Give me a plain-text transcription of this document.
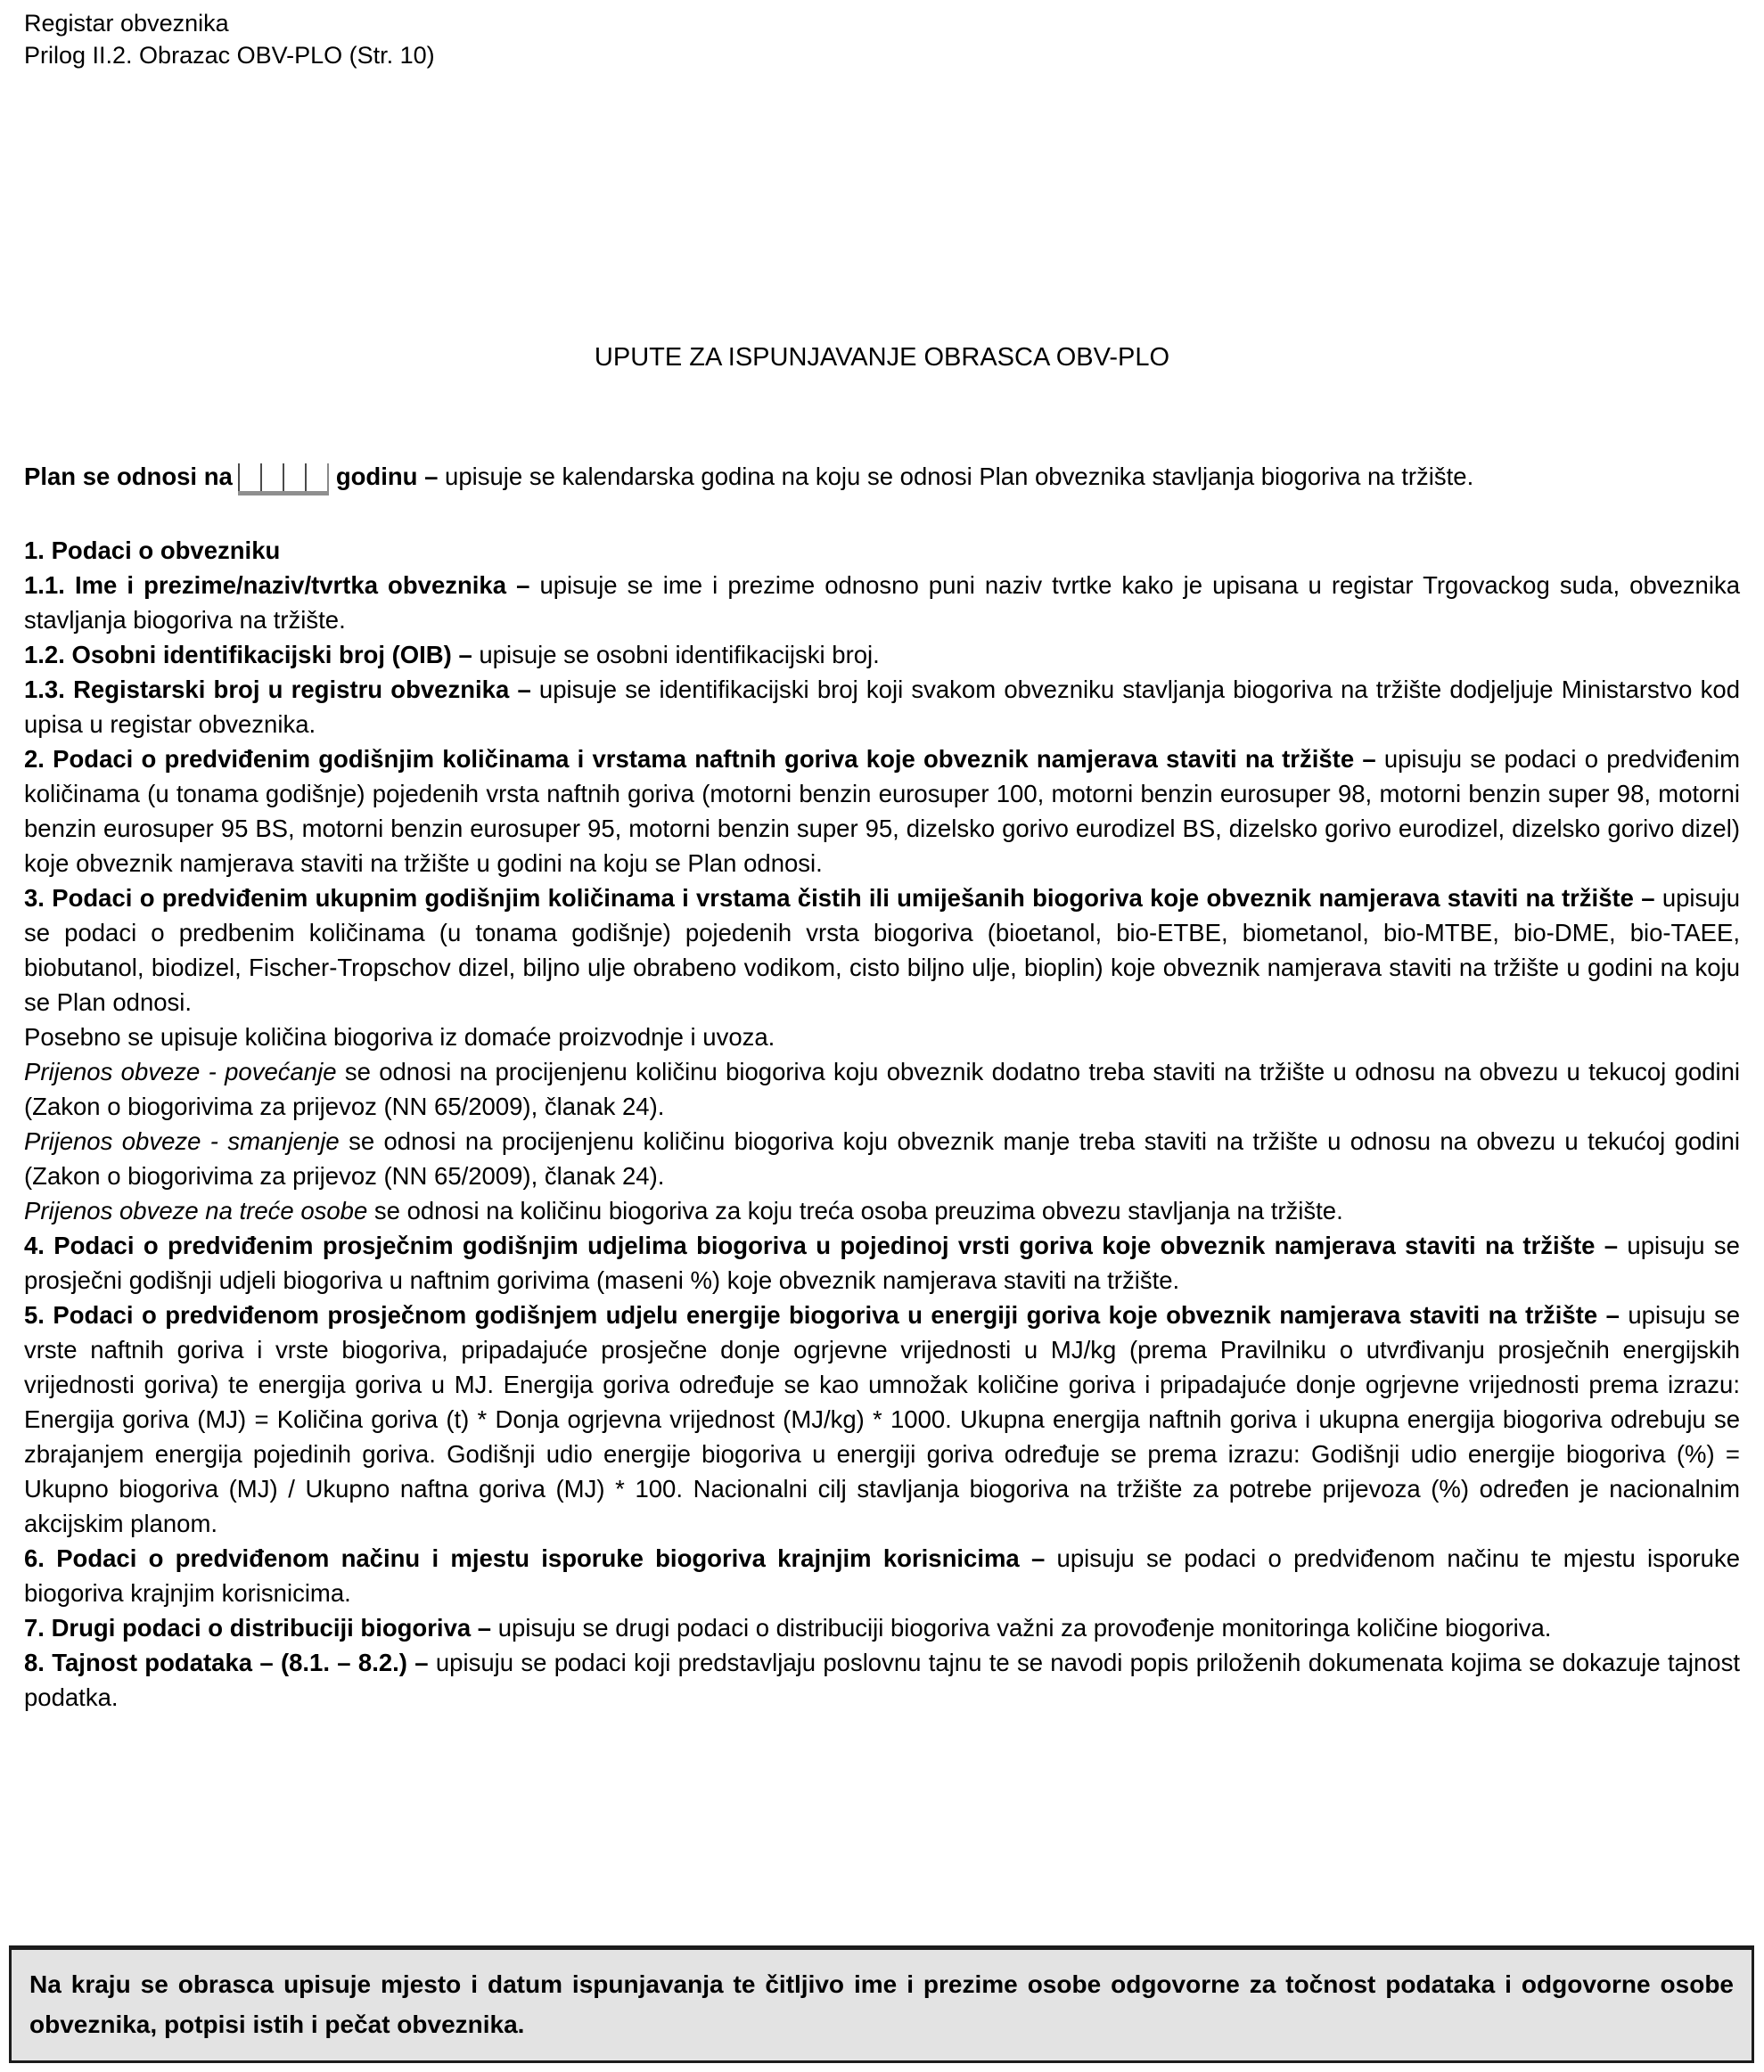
Registar obveznika
Prilog II.2. Obrazac OBV-PLO (Str. 10)
UPUTE ZA ISPUNJAVANJE OBRASCA OBV-PLO

Plan se odnosi na	godinu – upisuje se kalendarska godina na koju se odnosi Plan obveznika stavljanja biogoriva na tržište.

1. Podaci o obvezniku

1.1. Ime i prezime/naziv/tvrtka obveznika – upisuje se ime i prezime odnosno puni naziv tvrtke kako je upisana u registar Trgovackog suda, obveznika stavljanja biogoriva na tržište.

1.2. Osobni identifikacijski broj (OIB) – upisuje se osobni identifikacijski broj.

1.3. Registarski broj u registru obveznika – upisuje se identifikacijski broj koji svakom obvezniku stavljanja biogoriva na tržište dodjeljuje Ministarstvo kod upisa u registar obveznika.

2. Podaci o predviđenim godišnjim količinama i vrstama naftnih goriva koje obveznik namjerava staviti na tržište – upisuju se podaci o predviđenim količinama (u tonama godišnje) pojedenih vrsta naftnih goriva (motorni benzin eurosuper 100, motorni benzin eurosuper 98, motorni benzin super 98, motorni benzin eurosuper 95 BS, motorni benzin eurosuper 95, motorni benzin super 95, dizelsko gorivo eurodizel BS, dizelsko gorivo eurodizel, dizelsko gorivo dizel) koje obveznik namjerava staviti na tržište u godini na koju se Plan odnosi.

3. Podaci o predviđenim ukupnim godišnjim količinama i vrstama čistih ili umiješanih biogoriva koje obveznik namjerava staviti na tržište – upisuju se podaci o predbenim količinama (u tonama godišnje) pojedenih vrsta biogoriva (bioetanol, bio-ETBE, biometanol, bio-MTBE, bio-DME, bio-TAEE, biobutanol, biodizel, Fischer-Tropschov dizel, biljno ulje obrabeno vodikom, cisto biljno ulje, bioplin) koje obveznik namjerava staviti na tržište u godini na koju se Plan odnosi.

Posebno se upisuje količina biogoriva iz domaće proizvodnje i uvoza.

Prijenos obveze - povećanje se odnosi na procijenjenu količinu biogoriva koju obveznik dodatno treba staviti na tržište u odnosu na obvezu u tekucoj godini (Zakon o biogorivima za prijevoz (NN 65/2009), članak 24).

Prijenos obveze - smanjenje se odnosi na procijenjenu količinu biogoriva koju obveznik manje treba staviti na tržište u odnosu na obvezu u tekućoj godini (Zakon o biogorivima za prijevoz (NN 65/2009), članak 24).

Prijenos obveze na treće osobe se odnosi na količinu biogoriva za koju treća osoba preuzima obvezu stavljanja na tržište.

4. Podaci o predviđenim prosječnim godišnjim udjelima biogoriva u pojedinoj vrsti goriva koje obveznik namjerava staviti na tržište – upisuju se prosječni godišnji udjeli biogoriva u naftnim gorivima (maseni %) koje obveznik namjerava staviti na tržište.

5. Podaci o predviđenom prosječnom godišnjem udjelu energije biogoriva u energiji goriva koje obveznik namjerava staviti na tržište – upisuju se vrste naftnih goriva i vrste biogoriva, pripadajuće prosječne donje ogrjevne vrijednosti u MJ/kg (prema Pravilniku o utvrđivanju prosječnih energijskih vrijednosti goriva) te energija goriva u MJ. Energija goriva određuje se kao umnožak količine goriva i pripadajuće donje ogrjevne vrijednosti prema izrazu: Energija goriva (MJ) = Količina goriva (t) * Donja ogrjevna vrijednost (MJ/kg) * 1000. Ukupna energija naftnih goriva i ukupna energija biogoriva odrebuju se zbrajanjem energija pojedinih goriva. Godišnji udio energije biogoriva u energiji goriva određuje se prema izrazu: Godišnji udio energije biogoriva (%) = Ukupno biogoriva (MJ) / Ukupno naftna goriva (MJ) * 100. Nacionalni cilj stavljanja biogoriva na tržište za potrebe prijevoza (%) određen je nacionalnim akcijskim planom.

6. Podaci o predviđenom načinu i mjestu isporuke biogoriva krajnjim korisnicima – upisuju se podaci o predviđenom načinu te mjestu isporuke biogoriva krajnjim korisnicima.

7. Drugi podaci o distribuciji biogoriva – upisuju se drugi podaci o distribuciji biogoriva važni za provođenje monitoringa količine biogoriva.

8. Tajnost podataka – (8.1. – 8.2.) – upisuju se podaci koji predstavljaju poslovnu tajnu te se navodi popis priloženih dokumenata kojima se dokazuje tajnost podatka.

Na kraju se obrasca upisuje mjesto i datum ispunjavanja te čitljivo ime i prezime osobe odgovorne za točnost podataka i odgovorne osobe obveznika, potpisi istih i pečat obveznika.
